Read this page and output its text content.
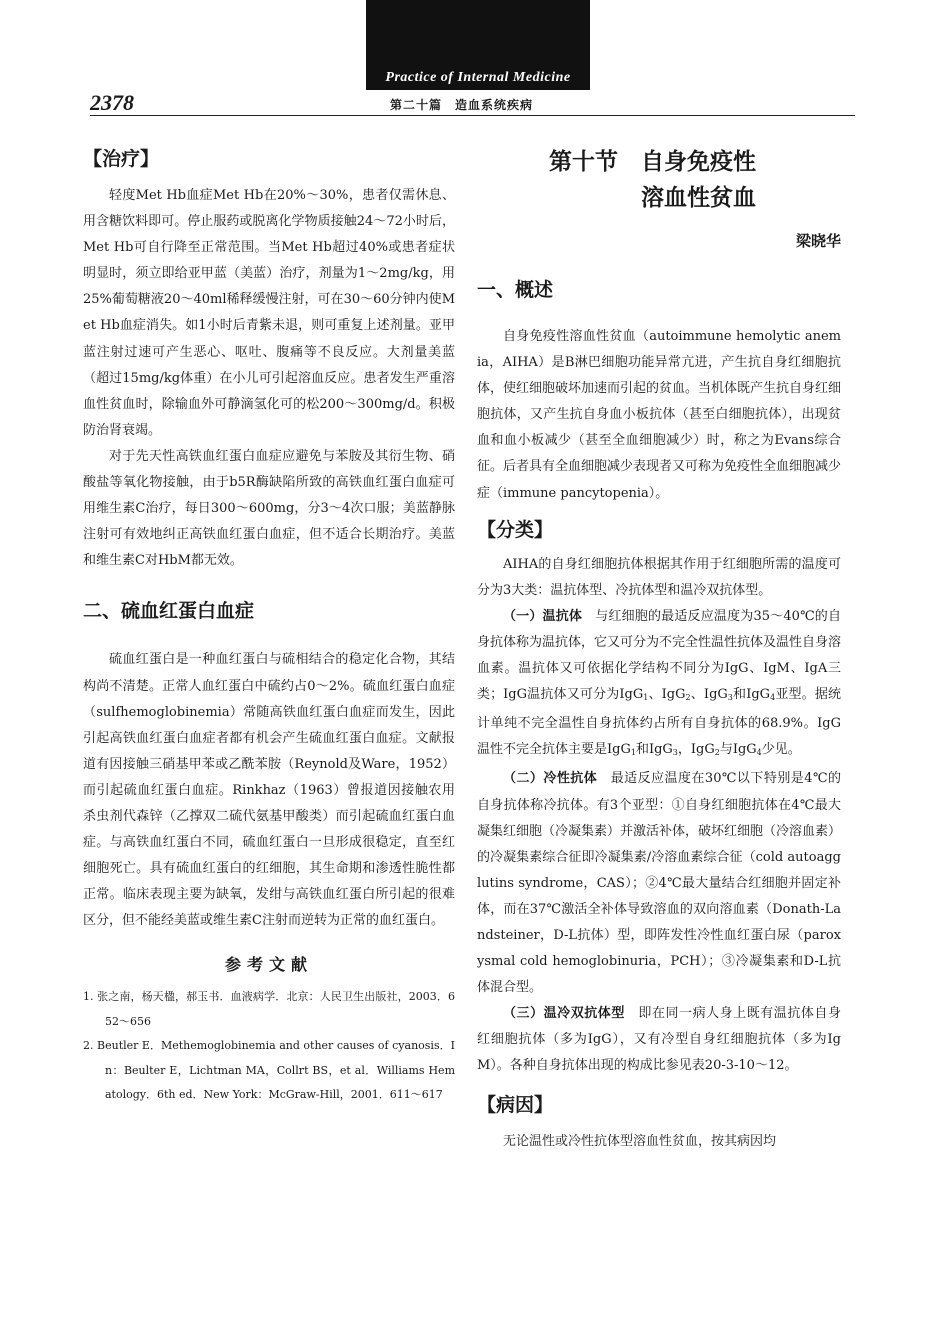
Practice of Internal Medicine
2378	第二十篇　造血系统疾病
【治疗】

轻度Met Hb血症Met Hb在20%～30%，患者仅需休息、用含糖饮料即可。停止服药或脱离化学物质接触24～72小时后，Met Hb可自行降至正常范围。当Met Hb超过40%或患者症状明显时，须立即给亚甲蓝（美蓝）治疗，剂量为1～2mg/kg，用25%葡萄糖液20～40ml稀释缓慢注射，可在30～60分钟内使Met Hb血症消失。如1小时后青紫未退，则可重复上述剂量。亚甲蓝注射过速可产生恶心、呕吐、腹痛等不良反应。大剂量美蓝（超过15mg/kg体重）在小儿可引起溶血反应。患者发生严重溶血性贫血时，除输血外可静滴氢化可的松200～300mg/d。积极防治肾衰竭。

对于先天性高铁血红蛋白血症应避免与苯胺及其衍生物、硝酸盐等氧化物接触，由于b5R酶缺陷所致的高铁血红蛋白血症可用维生素C治疗，每日300～600mg，分3～4次口服；美蓝静脉注射可有效地纠正高铁血红蛋白血症，但不适合长期治疗。美蓝和维生素C对HbM都无效。

二、硫血红蛋白血症

硫血红蛋白是一种血红蛋白与硫相结合的稳定化合物，其结构尚不清楚。正常人血红蛋白中硫约占0～2%。硫血红蛋白血症（sulfhemoglobinemia）常随高铁血红蛋白血症而发生，因此引起高铁血红蛋白血症者都有机会产生硫血红蛋白血症。文献报道有因接触三硝基甲苯或乙酰苯胺（Reynold及Ware，1952）而引起硫血红蛋白血症。Rinkhaz（1963）曾报道因接触农用杀虫剂代森锌（乙撑双二硫代氨基甲酸类）而引起硫血红蛋白血症。与高铁血红蛋白不同，硫血红蛋白一旦形成很稳定，直至红细胞死亡。具有硫血红蛋白的红细胞，其生命期和渗透性脆性都正常。临床表现主要为缺氧，发绀与高铁血红蛋白所引起的很难区分，但不能经美蓝或维生素C注射而逆转为正常的血红蛋白。

参考文献
1. 张之南，杨天楹，郝玉书．血液病学．北京：人民卫生出版社，2003．652～656
2. Beutler E．Methemoglobinemia and other causes of cyanosis．In：Beulter E，Lichtman MA，Collrt BS，et al．Williams Hematology．6th ed．New York：McGraw-Hill，2001．611～617
第十节　自身免疫性
溶血性贫血
梁晓华
一、概述

自身免疫性溶血性贫血（autoimmune hemolytic anemia，AIHA）是B淋巴细胞功能异常亢进，产生抗自身红细胞抗体，使红细胞破坏加速而引起的贫血。当机体既产生抗自身红细胞抗体，又产生抗自身血小板抗体（甚至白细胞抗体），出现贫血和血小板减少（甚至全血细胞减少）时，称之为Evans综合征。后者具有全血细胞减少表现者又可称为免疫性全血细胞减少症（immune pancytopenia）。

【分类】

AIHA的自身红细胞抗体根据其作用于红细胞所需的温度可分为3大类：温抗体型、冷抗体型和温冷双抗体型。

（一）温抗体　 与红细胞的最适反应温度为35～40℃的自身抗体称为温抗体，它又可分为不完全性温性抗体及温性自身溶血素。温抗体又可依据化学结构不同分为IgG、IgM、IgA三类；IgG温抗体又可分为IgG$_1$、IgG$_2$、IgG$_3$和IgG$_4$亚型。据统计单纯不完全温性自身抗体约占所有自身抗体的68.9%。IgG温性不完全抗体主要是IgG$_1$和IgG$_3$，IgG$_2$与IgG$_4$少见。

（二）冷性抗体　 最适反应温度在30℃以下特别是4℃的自身抗体称冷抗体。有3个亚型：①自身红细胞抗体在4℃最大凝集红细胞（冷凝集素）并激活补体，破坏红细胞（冷溶血素）的冷凝集素综合征即冷凝集素/冷溶血素综合征（cold autoagglutins syndrome，CAS）；②4℃最大量结合红细胞并固定补体，而在37℃激活全补体导致溶血的双向溶血素（Donath-Landsteiner，D-L抗体）型，即阵发性冷性血红蛋白尿（paroxysmal cold hemoglobinuria，PCH）；③冷凝集素和D-L抗体混合型。

（三）温冷双抗体型　 即在同一病人身上既有温抗体自身红细胞抗体（多为IgG），又有冷型自身红细胞抗体（多为IgM）。各种自身抗体出现的构成比参见表20-3-10～12。

【病因】

无论温性或冷性抗体型溶血性贫血，按其病因均
